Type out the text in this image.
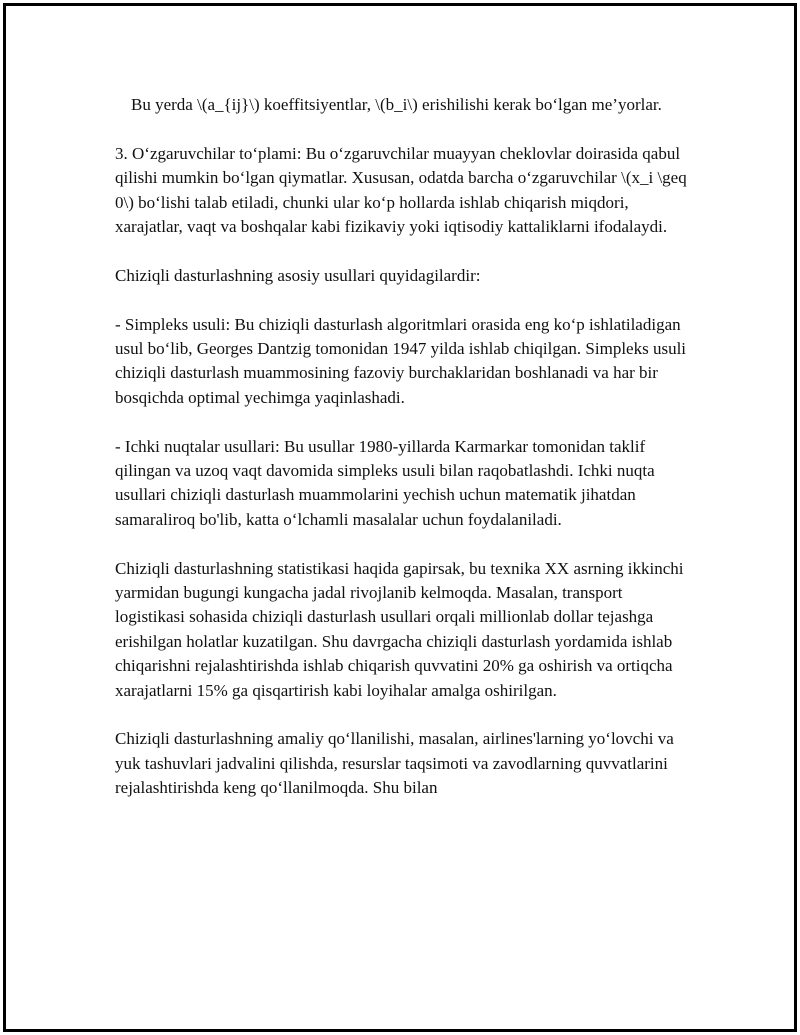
Bu yerda \(a_{ij}\) koeffitsiyentlar, \(b_i\) erishilishi kerak bo‘lgan me’yorlar.

3. O‘zgaruvchilar to‘plami: Bu o‘zgaruvchilar muayyan cheklovlar doirasida qabul qilishi mumkin bo‘lgan qiymatlar. Xususan, odatda barcha o‘zgaruvchilar \(x_i \geq 0\) bo‘lishi talab etiladi, chunki ular ko‘p hollarda ishlab chiqarish miqdori, xarajatlar, vaqt va boshqalar kabi fizikaviy yoki iqtisodiy kattaliklarni ifodalaydi.

Chiziqli dasturlashning asosiy usullari quyidagilardir:

- Simpleks usuli: Bu chiziqli dasturlash algoritmlari orasida eng ko‘p ishlatiladigan usul bo‘lib, Georges Dantzig tomonidan 1947 yilda ishlab chiqilgan. Simpleks usuli chiziqli dasturlash muammosining fazoviy burchaklaridan boshlanadi va har bir bosqichda optimal yechimga yaqinlashadi.

- Ichki nuqtalar usullari: Bu usullar 1980-yillarda Karmarkar tomonidan taklif qilingan va uzoq vaqt davomida simpleks usuli bilan raqobatlashdi. Ichki nuqta usullari chiziqli dasturlash muammolarini yechish uchun matematik jihatdan samaraliroq bo'lib, katta o‘lchamli masalalar uchun foydalaniladi.

Chiziqli dasturlashning statistikasi haqida gapirsak, bu texnika XX asrning ikkinchi yarmidan bugungi kungacha jadal rivojlanib kelmoqda. Masalan, transport logistikasi sohasida chiziqli dasturlash usullari orqali millionlab dollar tejashga erishilgan holatlar kuzatilgan. Shu davrgacha chiziqli dasturlash yordamida ishlab chiqarishni rejalashtirishda ishlab chiqarish quvvatini 20% ga oshirish va ortiqcha xarajatlarni 15% ga qisqartirish kabi loyihalar amalga oshirilgan.

Chiziqli dasturlashning amaliy qo‘llanilishi, masalan, airlines'larning yo‘lovchi va yuk tashuvlari jadvalini qilishda, resurslar taqsimoti va zavodlarning quvvatlarini rejalashtirishda keng qo‘llanilmoqda. Shu bilan
